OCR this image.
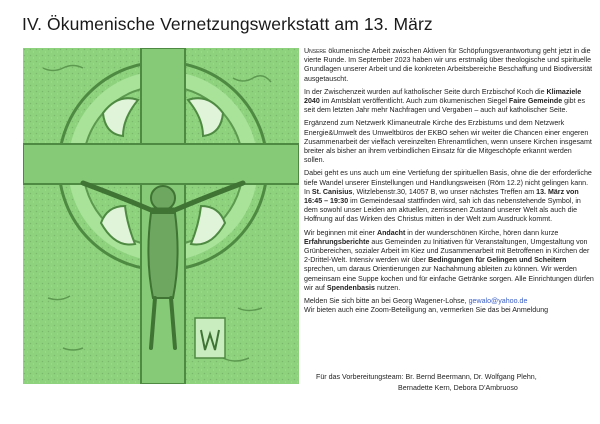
IV. Ökumenische Vernetzungswerkstatt am 13. März

Unsere ökumenische Arbeit zwischen Aktiven für Schöpfungsverantwortung geht jetzt in die vierte Runde. Im September 2023 haben wir uns erstmalig über theologische und spirituelle Grundlagen unserer Arbeit und die konkreten Arbeitsbereiche Beschaffung und Biodiversität ausgetauscht.

In der Zwischenzeit wurden auf katholischer Seite durch Erzbischof Koch die Klimaziele 2040 im Amtsblatt veröffentlicht. Auch zum ökumenischen Siegel Faire Gemeinde gibt es seit dem letzten Jahr mehr Nachfragen und Vergaben – auch auf katholischer Seite.

Ergänzend zum Netzwerk Klimaneutrale Kirche des Erzbistums und dem Netzwerk Energie&Umwelt des Umweltbüros der EKBO sehen wir weiter die Chancen einer engeren Zusammenarbeit der vielfach vereinzelten Ehrenamtlichen, wenn unsere Kirchen insgesamt breiter als bisher an ihrem verbindlichen Einsatz für die Mitgeschöpfe erkannt werden sollen.

Dabei geht es uns auch um eine Vertiefung der spirituellen Basis, ohne die der erforderliche tiefe Wandel unserer Einstellungen und Handlungsweisen (Röm 12.2) nicht gelingen kann. In St. Canisius, Witzlebenstr.30, 14057 B, wo unser nächstes Treffen am 13. März von 16:45 – 19:30 im Gemeindesaal stattfinden wird, sah ich das nebenstehende Symbol, in dem sowohl unser Leiden am aktuellen, zerrissenen Zustand unserer Welt als auch die Hoffnung auf das Wirken des Christus mitten in der Welt zum Ausdruck kommt.

Wir beginnen mit einer Andacht in der wunderschönen Kirche, hören dann kurze Erfahrungsberichte aus Gemeinden zu Initiativen für Veranstaltungen, Umgestaltung von Grünbereichen, sozialer Arbeit im Kiez und Zusammenarbeit mit Betroffenen in Kirchen der 2-Drittel-Welt. Intensiv werden wir über Bedingungen für Gelingen und Scheitern sprechen, um daraus Orientierungen zur Nachahmung ableiten zu können. Wir werden gemeinsam eine Suppe kochen und für einfache Getränke sorgen. Alle Einrichtungen dürfen wir auf Spendenbasis nutzen.

Melden Sie sich bitte an bei Georg Wagener-Lohse, gewalo@yahoo.de
Wir bieten auch eine Zoom-Beteiligung an, vermerken Sie das bei Anmeldung

Für das Vorbereitungsteam: Br. Bernd Beermann, Dr. Wolfgang Plehn,
Bernadette Kern, Debora D’Ambruoso
